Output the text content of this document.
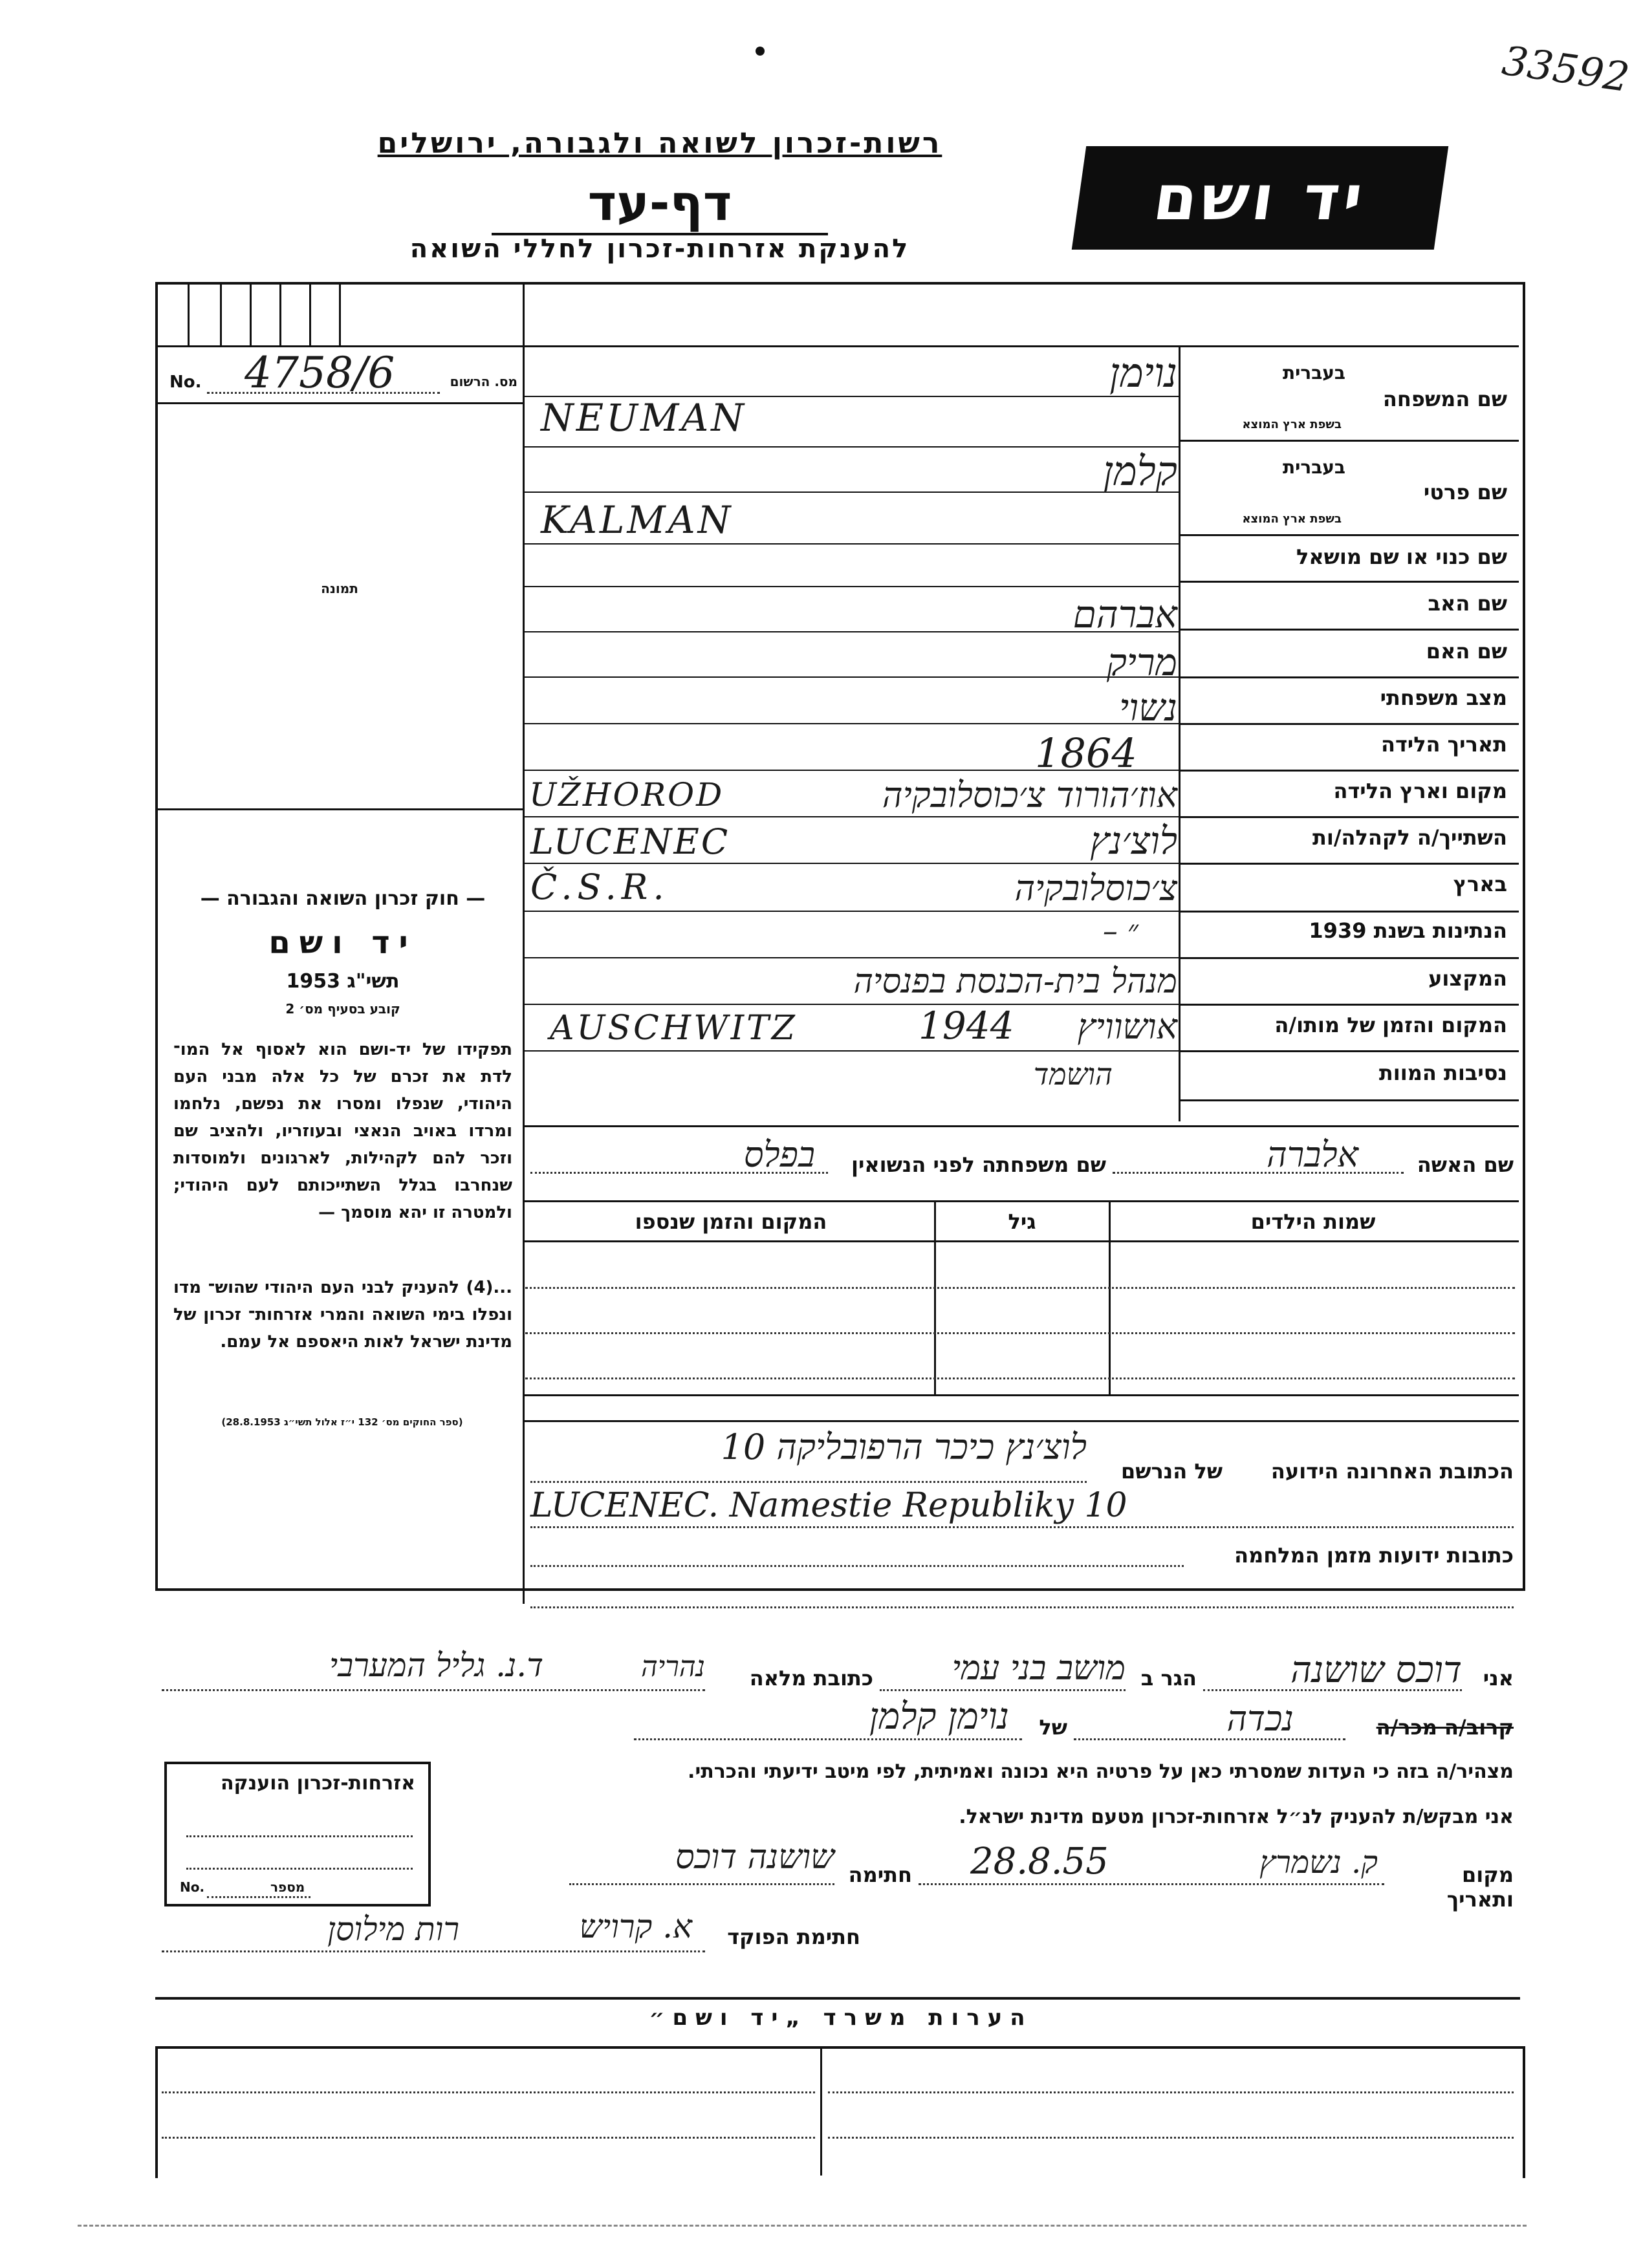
33592
רשות-זכרון לשואה ולגבורה, ירושלים
דף-עד
להענקת אזרחות-זכרון לחללי השואה
יד ושם
מס. הרשום
No. 4758/6
תמונה
— חוק זכרון השואה והגבורה —
יד ושם
תשי"ג 1953
קובע בסעיף מס׳ 2
תפקידו של יד-ושם הוא לאסוף אל המו־ לדת את זכרם של כל אלה מבני העם היהודי, שנפלו ומסרו את נפשם, נלחמו ומרדו באויב הנאצי ובעוזריו, ולהציב שם וזכר להם לקהילות, לארגונים ולמוסדות שנחרבו בגלל השתייכותם לעם היהודי; ולמטרה זו יהא מוסמך —
...(4) להעניק לבני העם היהודי שהוש־ מדו ונפלו בימי השואה והמרי אזרחות־ זכרון של מדינת ישראל לאות היאספם אל עמם.
(ספר החוקים מס׳ 132 י״ז אלול תשי״ג 28.8.1953)
בעברית
שם המשפחה
בשפת ארץ המוצא
נוימן
NEUMAN
בעברית
שם פרטי
בשפת ארץ המוצא
קלמן
KALMAN
שם כנוי או שם מושאל
שם האב
אברהם
שם האם
מריק
מצב משפחתי
נשוי
תאריך הלידה
1864
מקום וארץ הלידה
UŽHOROD	אוז׳הורוד צ׳כוסלובקיה
השתייך/ה לקהלה/ות
LUCENEC	לוצ׳נץ
בארץ
Č.S.R.	צ׳כוסלובקיה
הנתינות בשנת 1939
״ –
המקצוע
מנהל בית-הכנסת בפנסיה
המקום והזמן של מותו/ה
AUSCHWITZ	1944	אושוויץ
נסיבות המוות
הושמד
שם האשה
אלברה
שם משפחתה לפני הנשואין
בפלס
שמות הילדים
גיל
המקום והזמן שנספו
הכתובת האחרונה הידועה
של הנרשם
לוצ׳נץ כיכר הרפובליקה 10
LUCENEC. Namestie Republiky 10
כתובות ידועות מזמן המלחמה
אני
דוכס שושנה
הגר ב
מושב בני עמי
כתובת מלאה
נהריה
ד.נ. גליל המערבי
קרוב/ה מכר/ה
נכדה
של
נוימן קלמן
מצהיר/ה בזה כי העדות שמסרתי כאן על פרטיה היא נכונה ואמיתית, לפי מיטב ידיעתי והכרתי.
אני מבקש/ת להעניק לנ״ל אזרחות-זכרון מטעם מדינת ישראל.
מקום ותאריך
ק. נשמרץ
28.8.55
חתימה
שושנה דוכס
חתימת הפוקד
א. קרויש
רות מילוסן
אזרחות-זכרון הוענקה
No.	מספר
הערות משרד „יד ושם״
